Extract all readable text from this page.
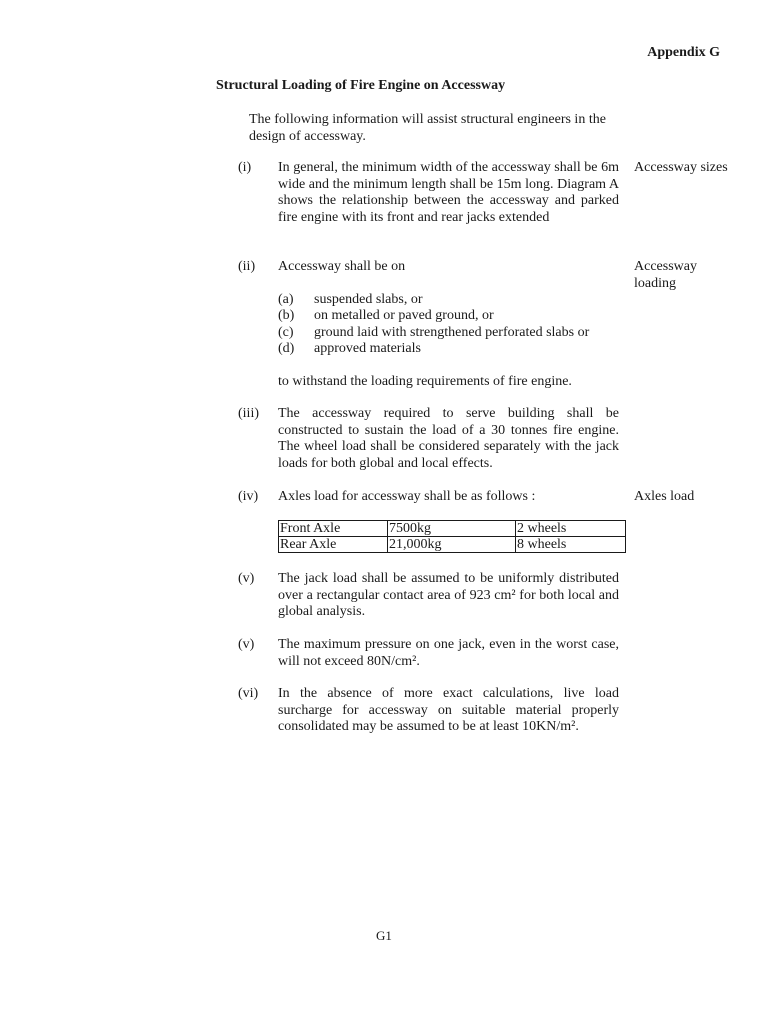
Appendix G
Structural Loading of Fire Engine on Accessway
The following information will assist structural engineers in the design of accessway.
(i)	In general, the minimum width of the accessway shall be 6m wide and the minimum length shall be 15m long. Diagram A shows the relationship between the accessway and parked fire engine with its front and rear jacks extended
Accessway sizes
(ii)	Accessway shall be on	Accessway loading
(a)	suspended slabs, or
(b)	on metalled or paved ground, or
(c)	ground laid with strengthened perforated slabs or
(d)	approved materials
to withstand the loading requirements of fire engine.
(iii)	The accessway required to serve building shall be constructed to sustain the load of a 30 tonnes fire engine. The wheel load shall be considered separately with the jack loads for both global and local effects.
(iv)	Axles load for accessway shall be as follows :	Axles load
Front Axle	7500kg	2 wheels
Rear Axle	21,000kg	8 wheels
(v)	The jack load shall be assumed to be uniformly distributed over a rectangular contact area of 923 cm² for both local and global analysis.
(v)	The maximum pressure on one jack, even in the worst case, will not exceed 80N/cm².
(vi)	In the absence of more exact calculations, live load surcharge for accessway on suitable material properly consolidated may be assumed to be at least 10KN/m².
G1
